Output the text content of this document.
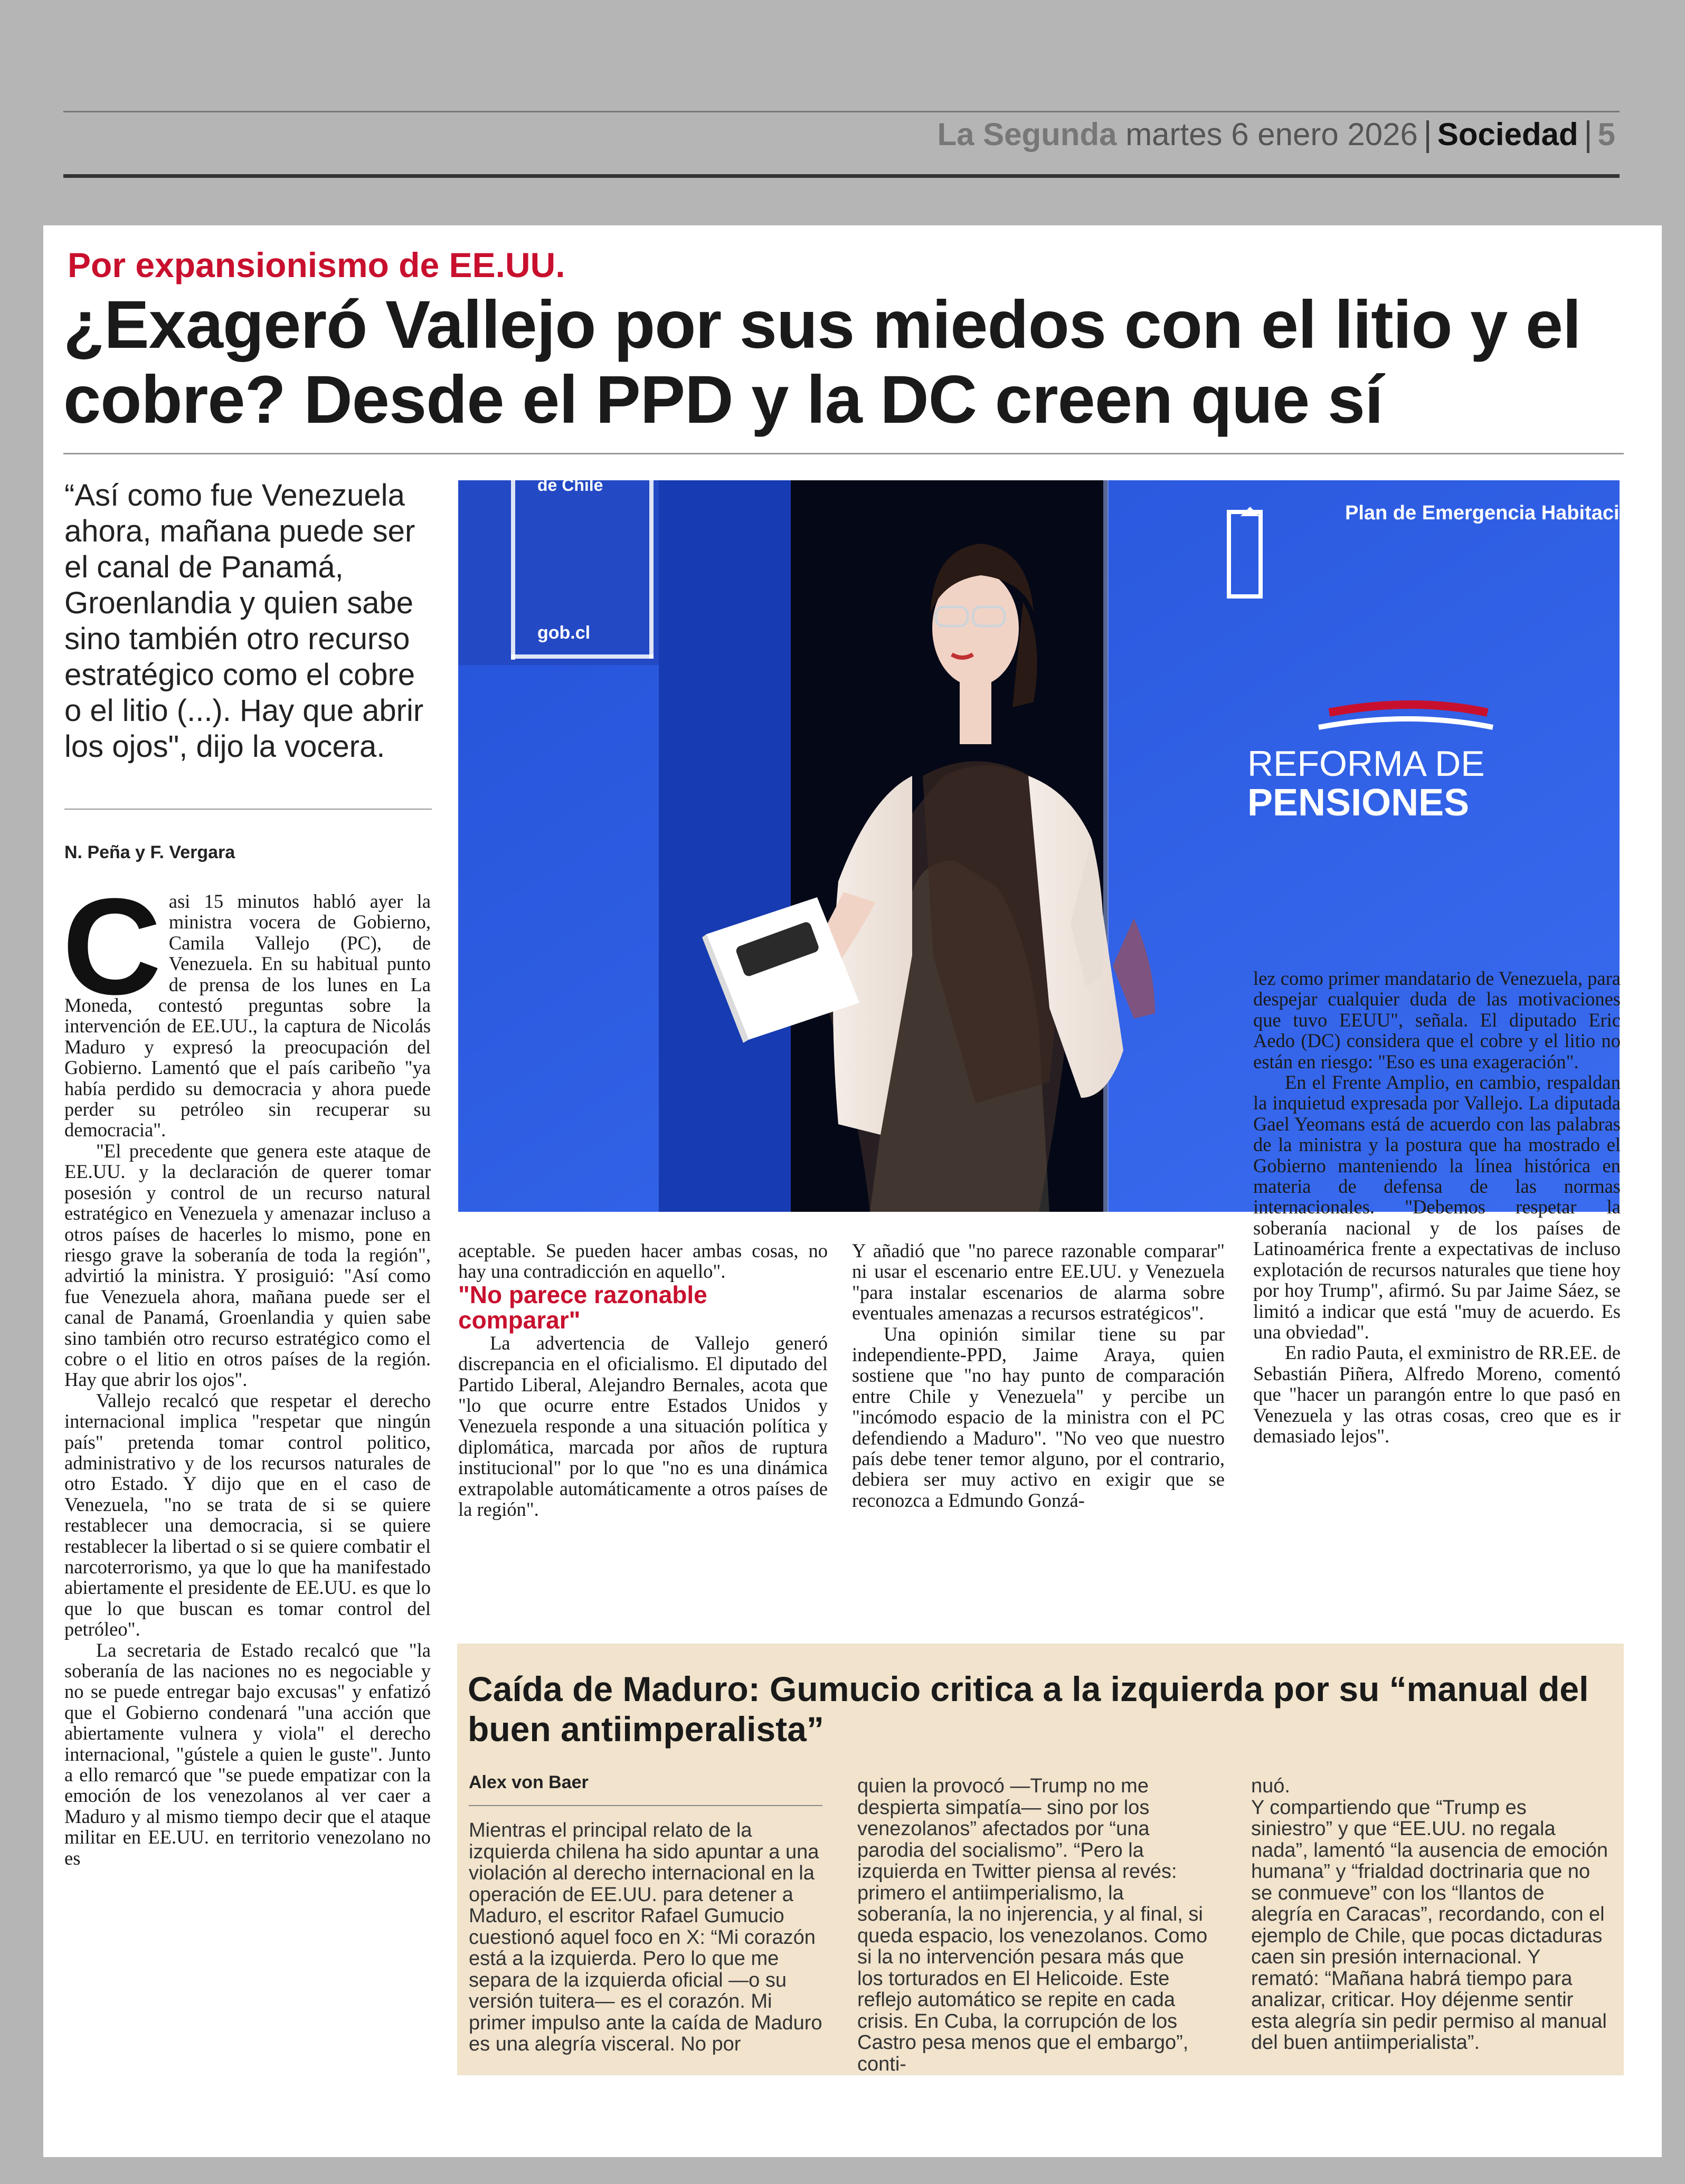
La Segunda martes 6 enero 2026 Sociedad 5
Por expansionismo de EE.UU.
¿Exageró Vallejo por sus miedos con el litio y el cobre? Desde el PPD y la DC creen que sí
“Así como fue Venezuela ahora, mañana puede ser el canal de Panamá, Groenlandia y quien sabe sino también otro recurso estratégico como el cobre o el litio (...). Hay que abrir los ojos", dijo la vocera.
N. Peña y F. Vergara

Casi 15 minutos habló ayer la ministra vocera de Gobierno, Camila Vallejo (PC), de Venezuela. En su habitual punto de prensa de los lunes en La Moneda, contestó preguntas sobre la intervención de EE.UU., la captura de Nicolás Maduro y expresó la preocupación del Gobierno. Lamentó que el país caribeño "ya había perdido su democracia y ahora puede perder su petróleo sin recuperar su democracia".

"El precedente que genera este ataque de EE.UU. y la declaración de querer tomar posesión y control de un recurso natural estratégico en Venezuela y amenazar incluso a otros países de hacerles lo mismo, pone en riesgo grave la soberanía de toda la región", advirtió la ministra. Y prosiguió: "Así como fue Venezuela ahora, mañana puede ser el canal de Panamá, Groenlandia y quien sabe sino también otro recurso estratégico como el cobre o el litio en otros países de la región. Hay que abrir los ojos".

Vallejo recalcó que respetar el derecho internacional implica "respetar que ningún país" pretenda tomar control politico, administrativo y de los recursos naturales de otro Estado. Y dijo que en el caso de Venezuela, "no se trata de si se quiere restablecer una democracia, si se quiere restablecer la libertad o si se quiere combatir el narcoterrorismo, ya que lo que ha manifestado abiertamente el presidente de EE.UU. es que lo que lo que buscan es tomar control del petróleo".

La secretaria de Estado recalcó que "la soberanía de las naciones no es negociable y no se puede entregar bajo excusas" y enfatizó que el Gobierno condenará "una acción que abiertamente vulnera y viola" el derecho internacional, "gústele a quien le guste". Junto a ello remarcó que "se puede empatizar con la emoción de los venezolanos al ver caer a Maduro y al mismo tiempo decir que el ataque militar en EE.UU. en territorio venezolano no es

gob.cl
de Chile
Plan de Emergencia Habitacional
REFORMA DE
PENSIONES

aceptable. Se pueden hacer ambas cosas, no hay una contradicción en aquello".

"No parece razonable comparar"

La advertencia de Vallejo generó discrepancia en el oficialismo. El diputado del Partido Liberal, Alejandro Bernales, acota que "lo que ocurre entre Estados Unidos y Venezuela responde a una situación política y diplomática, marcada por años de ruptura institucional" por lo que "no es una dinámica extrapolable automáticamente a otros países de la región".

Y añadió que "no parece razonable comparar" ni usar el escenario entre EE.UU. y Venezuela "para instalar escenarios de alarma sobre eventuales amenazas a recursos estratégicos".

Una opinión similar tiene su par independiente-PPD, Jaime Araya, quien sostiene que "no hay punto de comparación entre Chile y Venezuela" y percibe un "incómodo espacio de la ministra con el PC defendiendo a Maduro". "No veo que nuestro país debe tener temor alguno, por el contrario, debiera ser muy activo en exigir que se reconozca a Edmundo Gonzá-

lez como primer mandatario de Venezuela, para despejar cualquier duda de las motivaciones que tuvo EEUU", señala. El diputado Eric Aedo (DC) considera que el cobre y el litio no están en riesgo: "Eso es una exageración".

En el Frente Amplio, en cambio, respaldan la inquietud expresada por Vallejo. La diputada Gael Yeomans está de acuerdo con las palabras de la ministra y la postura que ha mostrado el Gobierno manteniendo la línea histórica en materia de defensa de las normas internacionales. "Debemos respetar la soberanía nacional y de los países de Latinoamérica frente a expectativas de incluso explotación de recursos naturales que tiene hoy por hoy Trump", afirmó. Su par Jaime Sáez, se limitó a indicar que está "muy de acuerdo. Es una obviedad".

En radio Pauta, el exministro de RR.EE. de Sebastián Piñera, Alfredo Moreno, comentó que "hacer un parangón entre lo que pasó en Venezuela y las otras cosas, creo que es ir demasiado lejos".

Caída de Maduro: Gumucio critica a la izquierda por su “manual del buen antiimperalista”
Alex von Baer

Mientras el principal relato de la izquierda chilena ha sido apuntar a una violación al derecho internacional en la operación de EE.UU. para detener a Maduro, el escritor Rafael Gumucio cuestionó aquel foco en X: “Mi corazón está a la izquierda. Pero lo que me separa de la izquierda oficial —o su versión tuitera— es el corazón. Mi primer impulso ante la caída de Maduro es una alegría visceral. No por

quien la provocó —Trump no me despierta simpatía— sino por los venezolanos” afectados por “una parodia del socialismo”. “Pero la izquierda en Twitter piensa al revés: primero el antiimperialismo, la soberanía, la no injerencia, y al final, si queda espacio, los venezolanos. Como si la no intervención pesara más que los torturados en El Helicoide. Este reflejo automático se repite en cada crisis. En Cuba, la corrupción de los Castro pesa menos que el embargo”, conti-

nuó.

Y compartiendo que “Trump es siniestro” y que “EE.UU. no regala nada”, lamentó “la ausencia de emoción humana” y “frialdad doctrinaria que no se conmueve” con los “llantos de alegría en Caracas”, recordando, con el ejemplo de Chile, que pocas dictaduras caen sin presión internacional. Y remató: “Mañana habrá tiempo para analizar, criticar. Hoy déjenme sentir esta alegría sin pedir permiso al manual del buen antiimperialista”.
